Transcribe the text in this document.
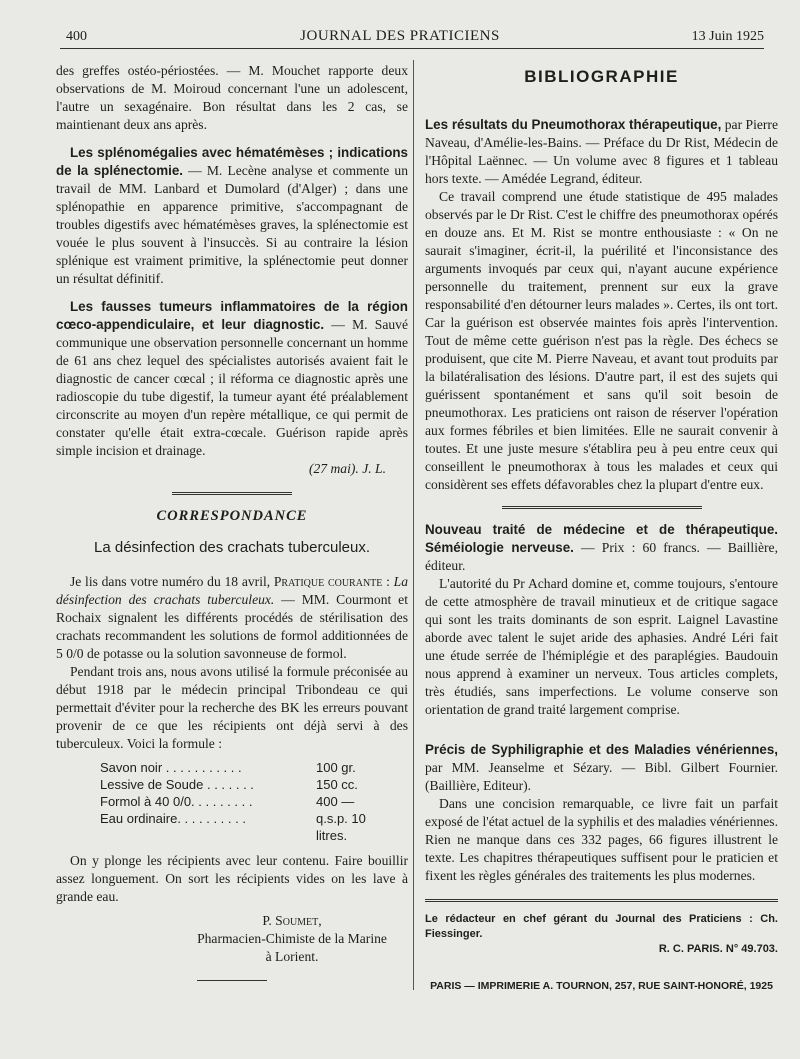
400	JOURNAL DES PRATICIENS	13 Juin 1925

des greffes ostéo-périostées. — M. Mouchet rapporte deux observations de M. Moiroud concernant l'une un adolescent, l'autre un sexagénaire. Bon résultat dans les 2 cas, se maintienant deux ans après.

Les splénomégalies avec hématémèses ; indications de la splénectomie. — M. Lecène analyse et commente un travail de MM. Lanbard et Dumolard (d'Alger) ; dans une splénopathie en apparence primitive, s'accompagnant de troubles digestifs avec hématémèses graves, la splénectomie est vouée le plus souvent à l'insuccès. Si au contraire la lésion splénique est vraiment primitive, la splénectomie peut donner un résultat définitif.

Les fausses tumeurs inflammatoires de la région cœco-appendiculaire, et leur diagnostic. — M. Sauvé communique une observation personnelle concernant un homme de 61 ans chez lequel des spécialistes autorisés avaient fait le diagnostic de cancer cœcal ; il réforma ce diagnostic après une radioscopie du tube digestif, la tumeur ayant été préalablement circonscrite au moyen d'un repère métallique, ce qui permit de constater qu'elle était extra-cœcale. Guérison rapide après simple incision et drainage.

(27 mai). J. L.

CORRESPONDANCE
La désinfection des crachats tuberculeux.

Je lis dans votre numéro du 18 avril, Pratique courante : La désinfection des crachats tuberculeux. — MM. Courmont et Rochaix signalent les différents procédés de stérilisation des crachats recommandent les solutions de formol additionnées de 5 0/0 de potasse ou la solution savonneuse de formol.

Pendant trois ans, nous avons utilisé la formule préconisée au début 1918 par le médecin principal Tribondeau ce qui permettait d'éviter pour la recherche des BK les erreurs pouvant provenir de ce que les récipients ont déjà servi à des tuberculeux. Voici la formule :

Savon noir . . . . . . . . . . .	100 gr.
Lessive de Soude . . . . . . .	150 cc.
Formol à 40 0/0. . . . . . . . .	400 —
Eau ordinaire. . . . . . . . . .	q.s.p. 10 litres.

On y plonge les récipients avec leur contenu. Faire bouillir assez longuement. On sort les récipients vides on les lave à grande eau.

P. Soumet,
Pharmacien-Chimiste de la Marine
à Lorient.
BIBLIOGRAPHIE

Les résultats du Pneumothorax thérapeutique, par Pierre Naveau, d'Amélie-les-Bains. — Préface du Dr Rist, Médecin de l'Hôpital Laënnec. — Un volume avec 8 figures et 1 tableau hors texte. — Amédée Legrand, éditeur.

Ce travail comprend une étude statistique de 495 malades observés par le Dr Rist. C'est le chiffre des pneumothorax opérés en douze ans. Et M. Rist se montre enthousiaste : « On ne saurait s'imaginer, écrit-il, la puérilité et l'inconsistance des arguments invoqués par ceux qui, n'ayant aucune expérience personnelle du traitement, prennent sur eux la grave responsabilité d'en détourner leurs malades ». Certes, ils ont tort. Car la guérison est observée maintes fois après l'intervention. Tout de même cette guérison n'est pas la règle. Des échecs se produisent, que cite M. Pierre Naveau, et avant tout produits par la bilatéralisation des lésions. D'autre part, il est des sujets qui guérissent spontanément et sans qu'il soit besoin de pneumothorax. Les praticiens ont raison de réserver l'opération aux formes fébriles et bien limitées. Elle ne saurait convenir à toutes. Et une juste mesure s'établira peu à peu entre ceux qui conseillent le pneumothorax à tous les malades et ceux qui considèrent ses effets défavorables chez la plupart d'entre eux.

Nouveau traité de médecine et de thérapeutique. Séméiologie nerveuse. — Prix : 60 francs. — Baillière, éditeur.

L'autorité du Pr Achard domine et, comme toujours, s'entoure de cette atmosphère de travail minutieux et de critique sagace qui sont les traits dominants de son esprit. Laignel Lavastine aborde avec talent le sujet aride des aphasies. André Léri fait une étude serrée de l'hémiplégie et des paraplégies. Baudouin nous apprend à examiner un nerveux. Tous articles complets, très étudiés, sans imperfections. Le volume conserve son orientation de grand traité largement comprise.

Précis de Syphiligraphie et des Maladies vénériennes, par MM. Jeanselme et Sézary. — Bibl. Gilbert Fournier. (Baillière, Editeur).

Dans une concision remarquable, ce livre fait un parfait exposé de l'état actuel de la syphilis et des maladies vénériennes. Rien ne manque dans ces 332 pages, 66 figures illustrent le texte. Les chapitres thérapeutiques suffisent pour le praticien et fixent les règles générales des traitements les plus modernes.

Le rédacteur en chef gérant du Journal des Praticiens : Ch. Fiessinger.
R. C. PARIS. N° 49.703.
PARIS — IMPRIMERIE A. TOURNON, 257, RUE SAINT-HONORÉ, 1925
